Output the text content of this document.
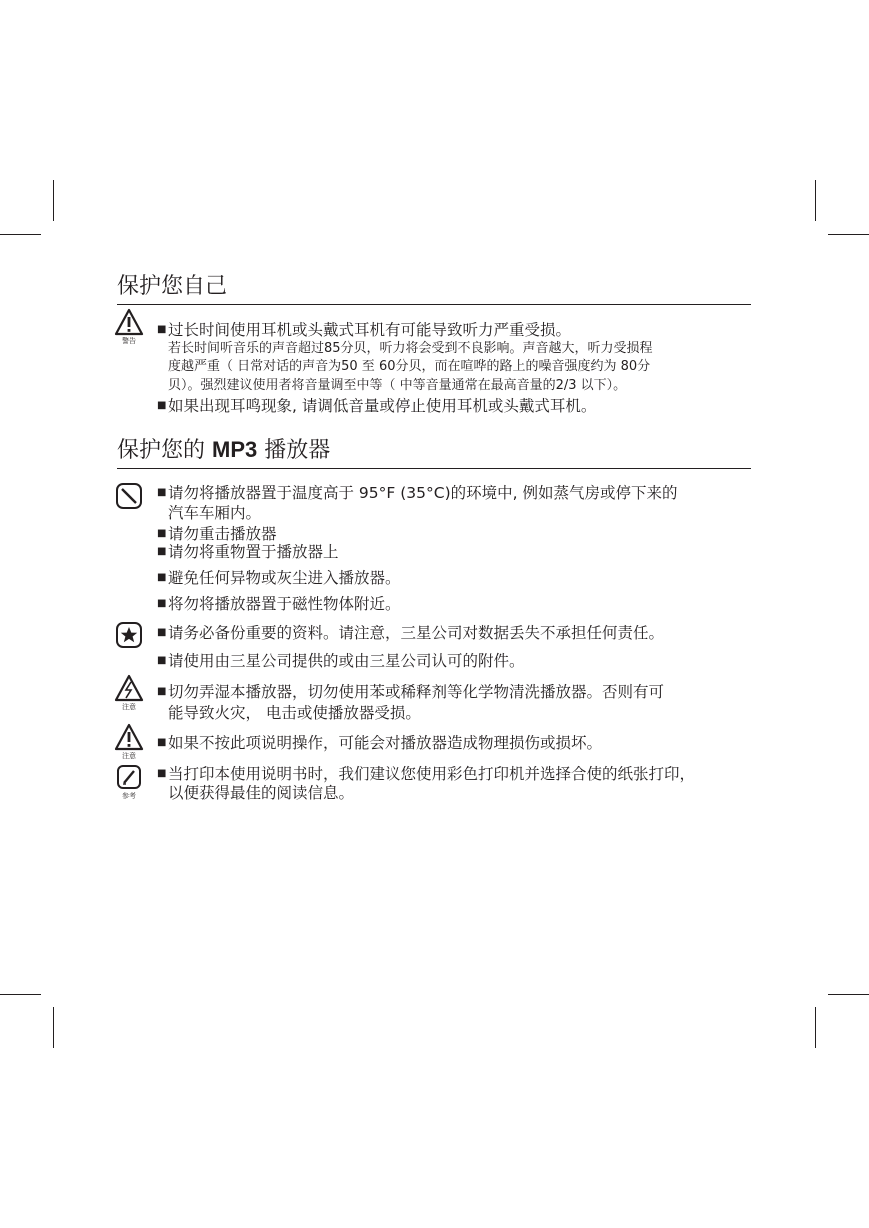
保护您自己
警告
■ 过长时间使用耳机或头戴式耳机有可能导致听力严重受损。
若长时间听音乐的声音超过85分贝，听力将会受到不良影响。声音越大，听力受损程
度越严重（ 日常对话的声音为50 至 60分贝，而在喧哗的路上的噪音强度约为 80分
贝）。强烈建议使用者将音量调至中等（ 中等音量通常在最高音量的2/3 以下）。
■ 如果出现耳鸣现象, 请调低音量或停止使用耳机或头戴式耳机。
保护您的 MP3 播放器
■ 请勿将播放器置于温度高于 95°F (35°C)的环境中, 例如蒸气房或停下来的
汽车车厢内。
■ 请勿重击播放器
■ 请勿将重物置于播放器上
■ 避免任何异物或灰尘进入播放器。
■ 将勿将播放器置于磁性物体附近。
■ 请务必备份重要的资料。请注意，三星公司对数据丢失不承担任何责任。
■ 请使用由三星公司提供的或由三星公司认可的附件。
注意
■ 切勿弄湿本播放器，切勿使用苯或稀释剂等化学物清洗播放器。否则有可
能导致火灾， 电击或使播放器受损。
注意
■ 如果不按此项说明操作，可能会对播放器造成物理损伤或损坏。
参考
■ 当打印本使用说明书时，我们建议您使用彩色打印机并选择合使的纸张打印，
以便获得最佳的阅读信息。
